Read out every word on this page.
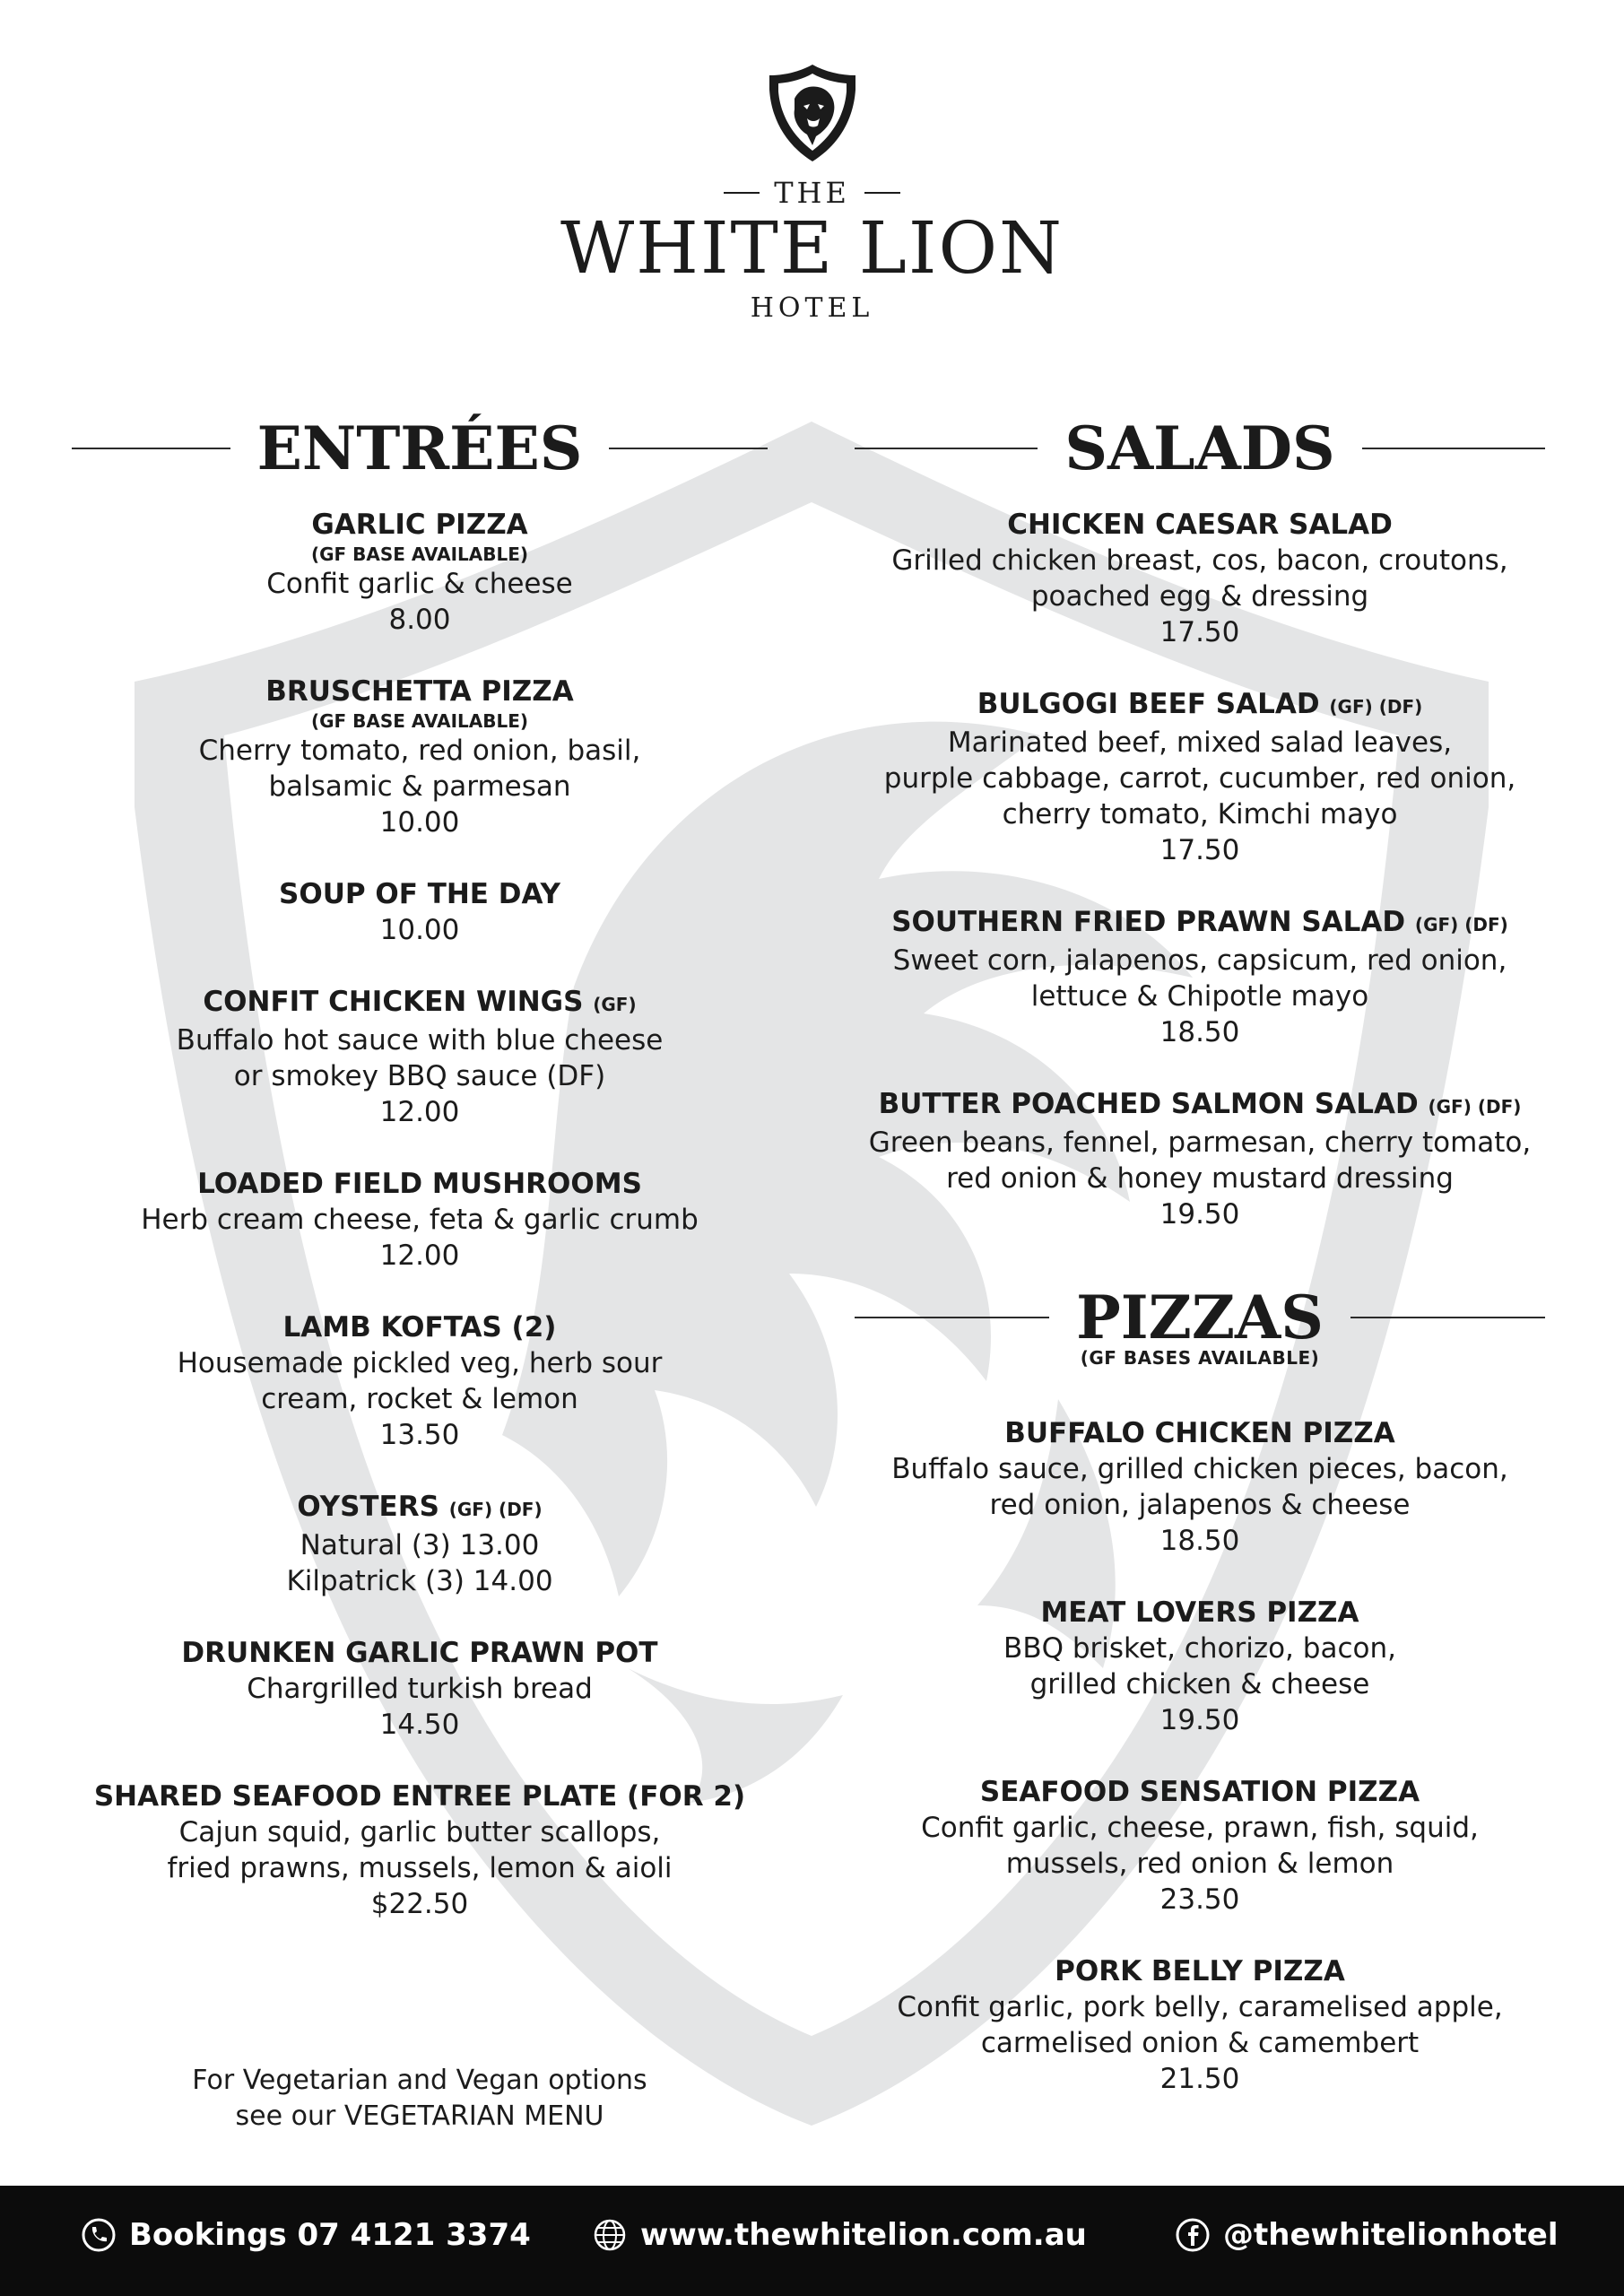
THE
WHITE LION
HOTEL
ENTRÉES
GARLIC PIZZA
(GF BASE AVAILABLE)
Confit garlic & cheese
8.00
BRUSCHETTA PIZZA
(GF BASE AVAILABLE)
Cherry tomato, red onion, basil,
balsamic & parmesan
10.00
SOUP OF THE DAY
10.00
CONFIT CHICKEN WINGS (GF)
Buffalo hot sauce with blue cheese
or smokey BBQ sauce (DF)
12.00
LOADED FIELD MUSHROOMS
Herb cream cheese, feta & garlic crumb
12.00
LAMB KOFTAS (2)
Housemade pickled veg, herb sour
cream, rocket & lemon
13.50
OYSTERS (GF) (DF)
Natural (3) 13.00
Kilpatrick (3) 14.00
DRUNKEN GARLIC PRAWN POT
Chargrilled turkish bread
14.50
SHARED SEAFOOD ENTREE PLATE (FOR 2)
Cajun squid, garlic butter scallops,
fried prawns, mussels, lemon & aioli
$22.50
SALADS
CHICKEN CAESAR SALAD
Grilled chicken breast, cos, bacon, croutons,
poached egg & dressing
17.50
BULGOGI BEEF SALAD (GF) (DF)
Marinated beef, mixed salad leaves,
purple cabbage, carrot, cucumber, red onion,
cherry tomato, Kimchi mayo
17.50
SOUTHERN FRIED PRAWN SALAD (GF) (DF)
Sweet corn, jalapenos, capsicum, red onion,
lettuce & Chipotle mayo
18.50
BUTTER POACHED SALMON SALAD (GF) (DF)
Green beans, fennel, parmesan, cherry tomato,
red onion & honey mustard dressing
19.50
PIZZAS
(GF BASES AVAILABLE)
BUFFALO CHICKEN PIZZA
Buffalo sauce, grilled chicken pieces, bacon,
red onion, jalapenos & cheese
18.50
MEAT LOVERS PIZZA
BBQ brisket, chorizo, bacon,
grilled chicken & cheese
19.50
SEAFOOD SENSATION PIZZA
Confit garlic, cheese, prawn, fish, squid,
mussels, red onion & lemon
23.50
PORK BELLY PIZZA
Confit garlic, pork belly, caramelised apple,
carmelised onion & camembert
21.50
For Vegetarian and Vegan options
see our VEGETARIAN MENU
Bookings 07 4121 3374	www.thewhitelion.com.au	@thewhitelionhotel
